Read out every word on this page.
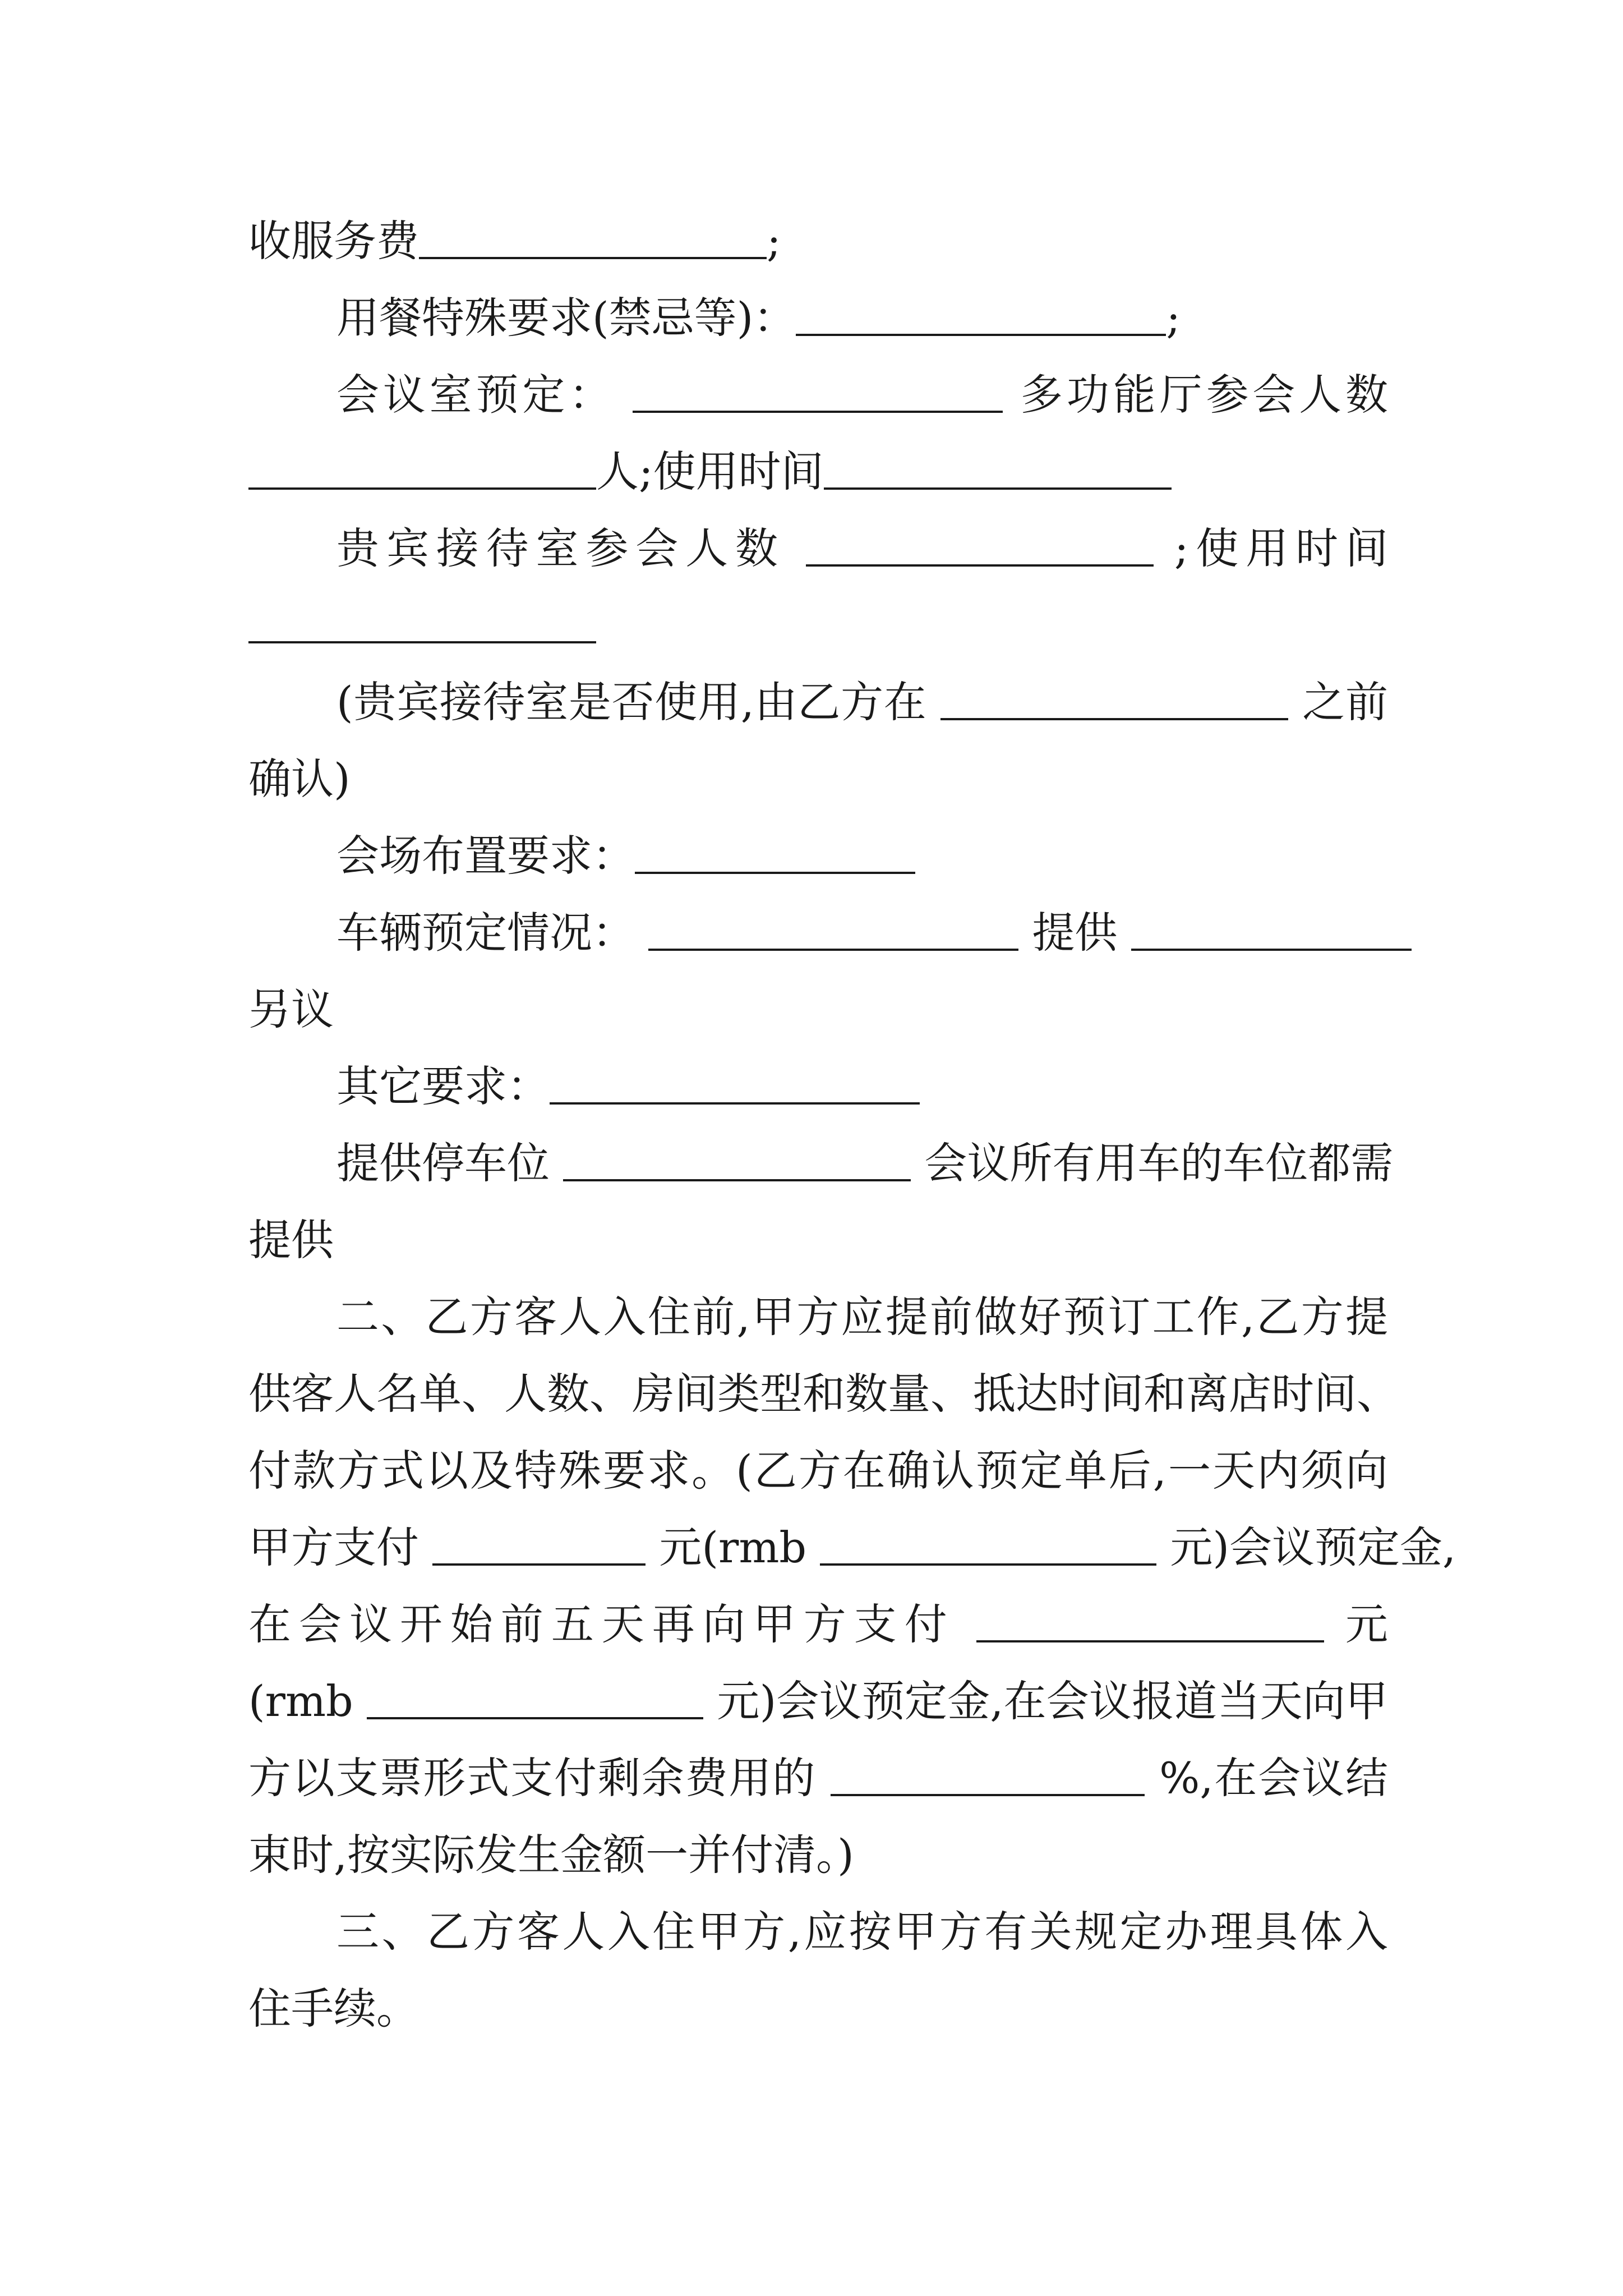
收服务费	;
用餐特殊要求(禁忌等)：	;
会议室预定：	多功能厅参会人数
人;使用时间
贵宾接待室参会人数	;使用时间
(贵宾接待室是否使用,由乙方在	之前
确认)
会场布置要求：
车辆预定情况：	提供
另议
其它要求：
提供停车位	会议所有用车的车位都需
提供
二、乙方客人入住前,甲方应提前做好预订工作,乙方提
供客人名单、人数、房间类型和数量、抵达时间和离店时间、
付款方式以及特殊要求。(乙方在确认预定单后,一天内须向
甲方支付	元(rmb	元)会议预定金,
在会议开始前五天再向甲方支付	元
(rmb	元)会议预定金,在会议报道当天向甲
方以支票形式支付剩余费用的	%,在会议结
束时,按实际发生金额一并付清。)
三、乙方客人入住甲方,应按甲方有关规定办理具体入
住手续。
